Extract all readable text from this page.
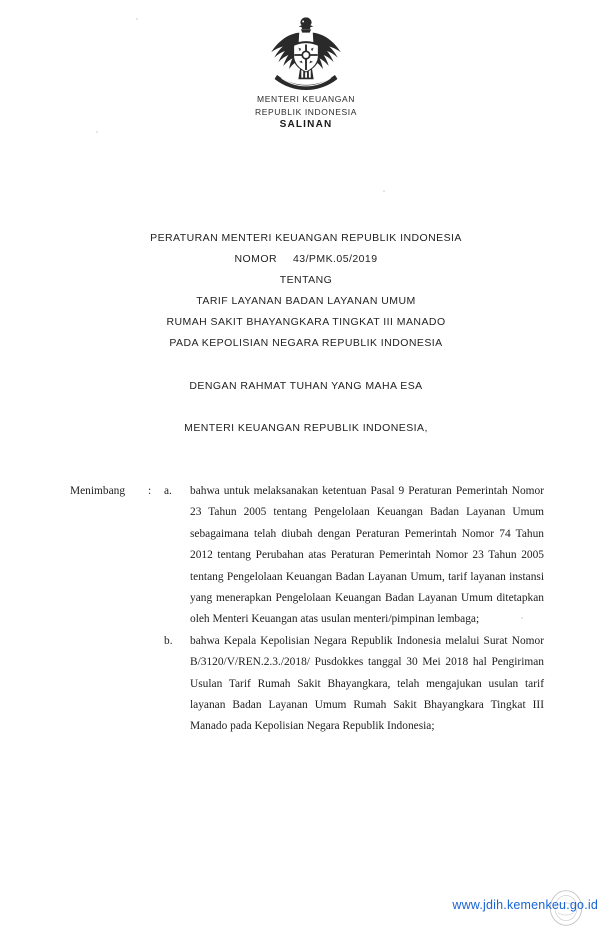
MENTERI KEUANGAN
REPUBLIK INDONESIA
SALINAN
PERATURAN MENTERI KEUANGAN REPUBLIK INDONESIA
NOMOR 43/PMK.05/2019
TENTANG
TARIF LAYANAN BADAN LAYANAN UMUM
RUMAH SAKIT BHAYANGKARA TINGKAT III MANADO
PADA KEPOLISIAN NEGARA REPUBLIK INDONESIA
DENGAN RAHMAT TUHAN YANG MAHA ESA
MENTERI KEUANGAN REPUBLIK INDONESIA,
Menimbang	:	a.	bahwa untuk melaksanakan ketentuan Pasal 9 Peraturan Pemerintah Nomor 23 Tahun 2005 tentang Pengelolaan Keuangan Badan Layanan Umum sebagaimana telah diubah dengan Peraturan Pemerintah Nomor 74 Tahun 2012 tentang Perubahan atas Peraturan Pemerintah Nomor 23 Tahun 2005 tentang Pengelolaan Keuangan Badan Layanan Umum, tarif layanan instansi yang menerapkan Pengelolaan Keuangan Badan Layanan Umum ditetapkan oleh Menteri Keuangan atas usulan menteri/pimpinan lembaga;
b.	bahwa Kepala Kepolisian Negara Republik Indonesia melalui Surat Nomor B/3120/V/REN.2.3./2018/ Pusdokkes tanggal 30 Mei 2018 hal Pengiriman Usulan Tarif Rumah Sakit Bhayangkara, telah mengajukan usulan tarif layanan Badan Layanan Umum Rumah Sakit Bhayangkara Tingkat III Manado pada Kepolisian Negara Republik Indonesia;
www.jdih.kemenkeu.go.id
